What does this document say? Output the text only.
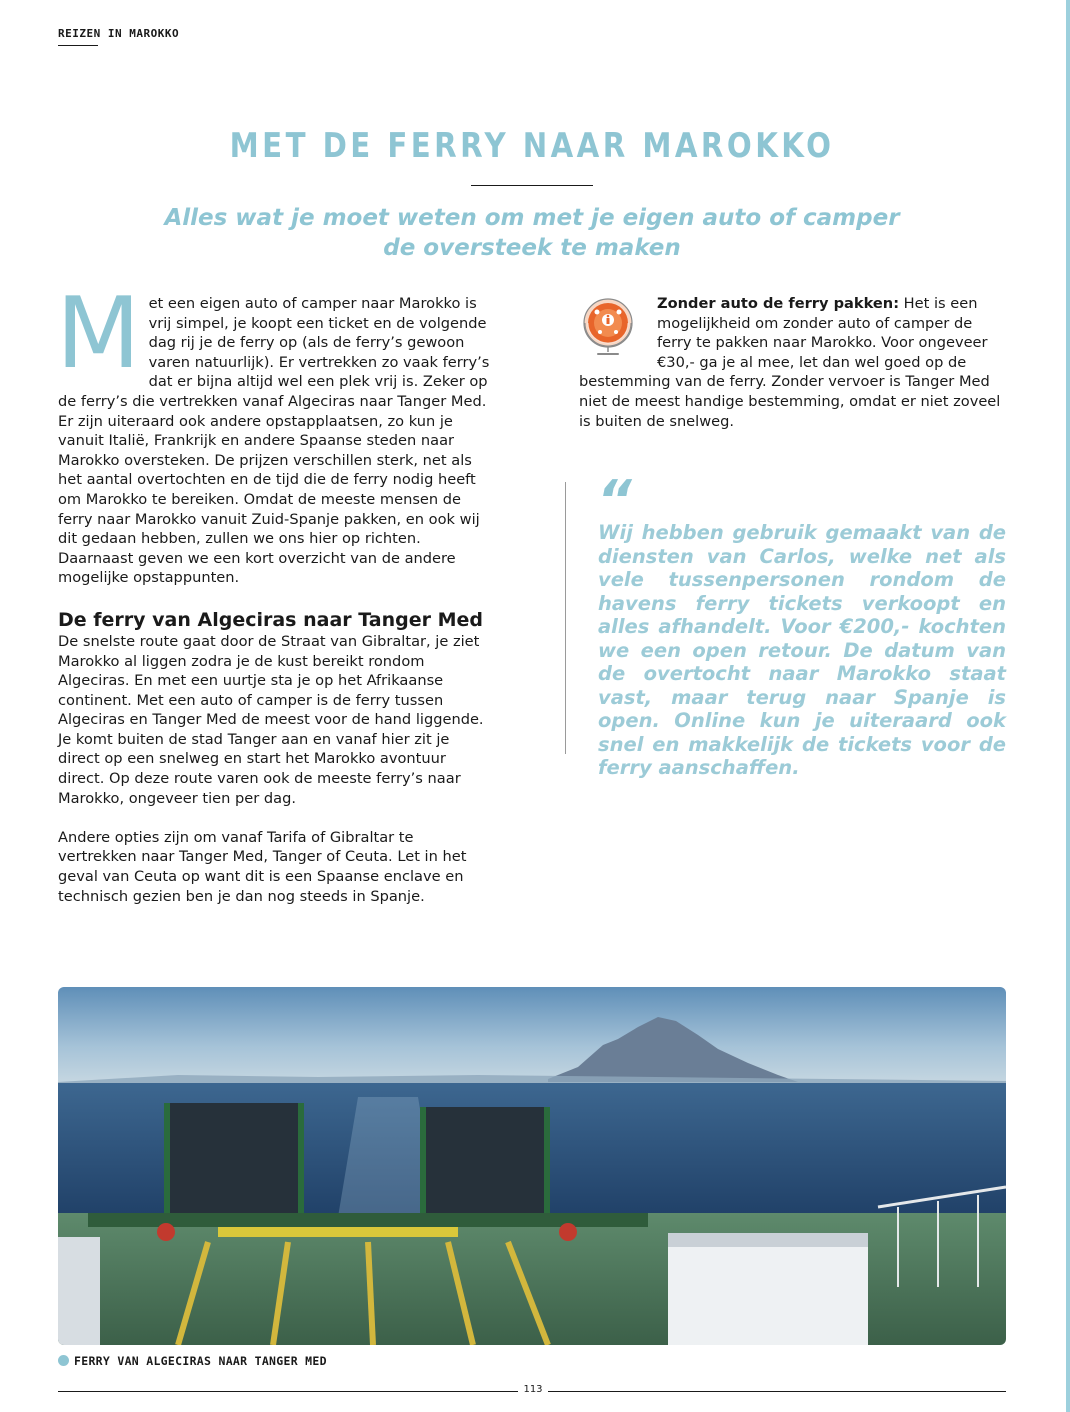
REIZEN IN MAROKKO
MET DE FERRY NAAR MAROKKO
Alles wat je moet weten om met je eigen auto of camper de oversteek te maken
M et een eigen auto of camper naar Marokko is vrij simpel, je koopt een ticket en de volgende dag rij je de ferry op (als de ferry’s gewoon varen natuurlijk). Er vertrekken zo vaak ferry’s dat er bijna altijd wel een plek vrij is. Zeker op de ferry’s die vertrekken vanaf Algeciras naar Tanger Med. Er zijn uiteraard ook andere opstapplaatsen, zo kun je vanuit Italië, Frankrijk en andere Spaanse steden naar Marokko oversteken. De prijzen verschillen sterk, net als het aantal overtochten en de tijd die de ferry nodig heeft om Marokko te bereiken. Omdat de meeste mensen de ferry naar Marokko vanuit Zuid-Spanje pakken, en ook wij dit gedaan hebben, zullen we ons hier op richten. Daarnaast geven we een kort overzicht van de andere mogelijke opstappunten.

De ferry van Algeciras naar Tanger Med

De snelste route gaat door de Straat van Gibraltar, je ziet Marokko al liggen zodra je de kust bereikt rondom Algeciras. En met een uurtje sta je op het Afrikaanse continent. Met een auto of camper is de ferry tussen Algeciras en Tanger Med de meest voor de hand liggende. Je komt buiten de stad Tanger aan en vanaf hier zit je direct op een snelweg en start het Marokko avontuur direct. Op deze route varen ook de meeste ferry’s naar Marokko, ongeveer tien per dag.

Andere opties zijn om vanaf Tarifa of Gibraltar te vertrekken naar Tanger Med, Tanger of Ceuta. Let in het geval van Ceuta op want dit is een Spaanse enclave en technisch gezien ben je dan nog steeds in Spanje.

Zonder auto de ferry pakken: Het is een mogelijkheid om zonder auto of camper de ferry te pakken naar Marokko. Voor ongeveer €30,- ga je al mee, let dan wel goed op de bestemming van de ferry. Zonder vervoer is Tanger Med niet de meest handige bestemming, omdat er niet zoveel is buiten de snelweg.
“
Wij hebben gebruik gemaakt van de diensten van Carlos, welke net als vele tussenpersonen rondom de havens ferry tickets verkoopt en alles afhandelt. Voor €200,- kochten we een open retour. De datum van de overtocht naar Marokko staat vast, maar terug naar Spanje is open. Online kun je uiteraard ook snel en makkelijk de tickets voor de ferry aanschaffen.
FERRY VAN ALGECIRAS NAAR TANGER MED
113
